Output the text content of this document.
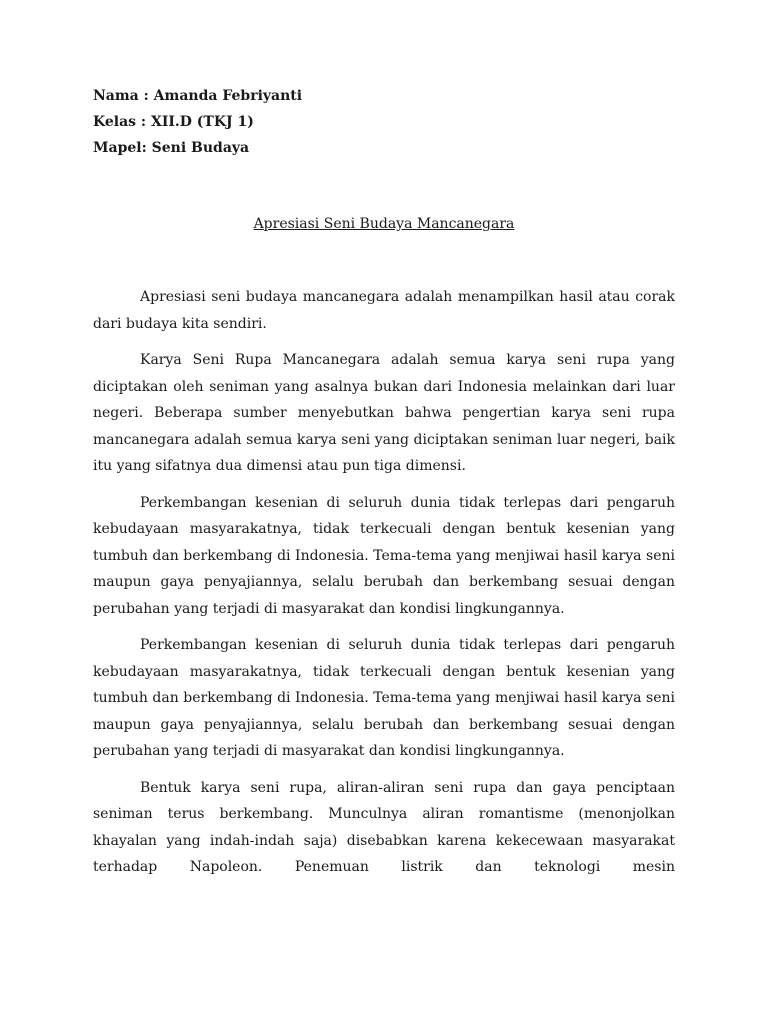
Nama : Amanda Febriyanti
Kelas : XII.D (TKJ 1)
Mapel: Seni Budaya
Apresiasi Seni Budaya Mancanegara

Apresiasi seni budaya mancanegara adalah menampilkan hasil atau corak dari budaya kita sendiri.

Karya Seni Rupa Mancanegara adalah semua karya seni rupa yang diciptakan oleh seniman yang asalnya bukan dari Indonesia melainkan dari luar negeri. Beberapa sumber menyebutkan bahwa pengertian karya seni rupa mancanegara adalah semua karya seni yang diciptakan seniman luar negeri, baik itu yang sifatnya dua dimensi atau pun tiga dimensi.

Perkembangan kesenian di seluruh dunia tidak terlepas dari pengaruh kebudayaan masyarakatnya, tidak terkecuali dengan bentuk kesenian yang tumbuh dan berkembang di Indonesia. Tema-tema yang menjiwai hasil karya seni maupun gaya penyajiannya, selalu berubah dan berkembang sesuai dengan perubahan yang terjadi di masyarakat dan kondisi lingkungannya.

Perkembangan kesenian di seluruh dunia tidak terlepas dari pengaruh kebudayaan masyarakatnya, tidak terkecuali dengan bentuk kesenian yang tumbuh dan berkembang di Indonesia. Tema-tema yang menjiwai hasil karya seni maupun gaya penyajiannya, selalu berubah dan berkembang sesuai dengan perubahan yang terjadi di masyarakat dan kondisi lingkungannya.

Bentuk karya seni rupa, aliran-aliran seni rupa dan gaya penciptaan seniman terus berkembang. Munculnya aliran romantisme (menonjolkan khayalan yang indah-indah saja) disebabkan karena kekecewaan masyarakat terhadap Napoleon. Penemuan listrik dan teknologi mesin
